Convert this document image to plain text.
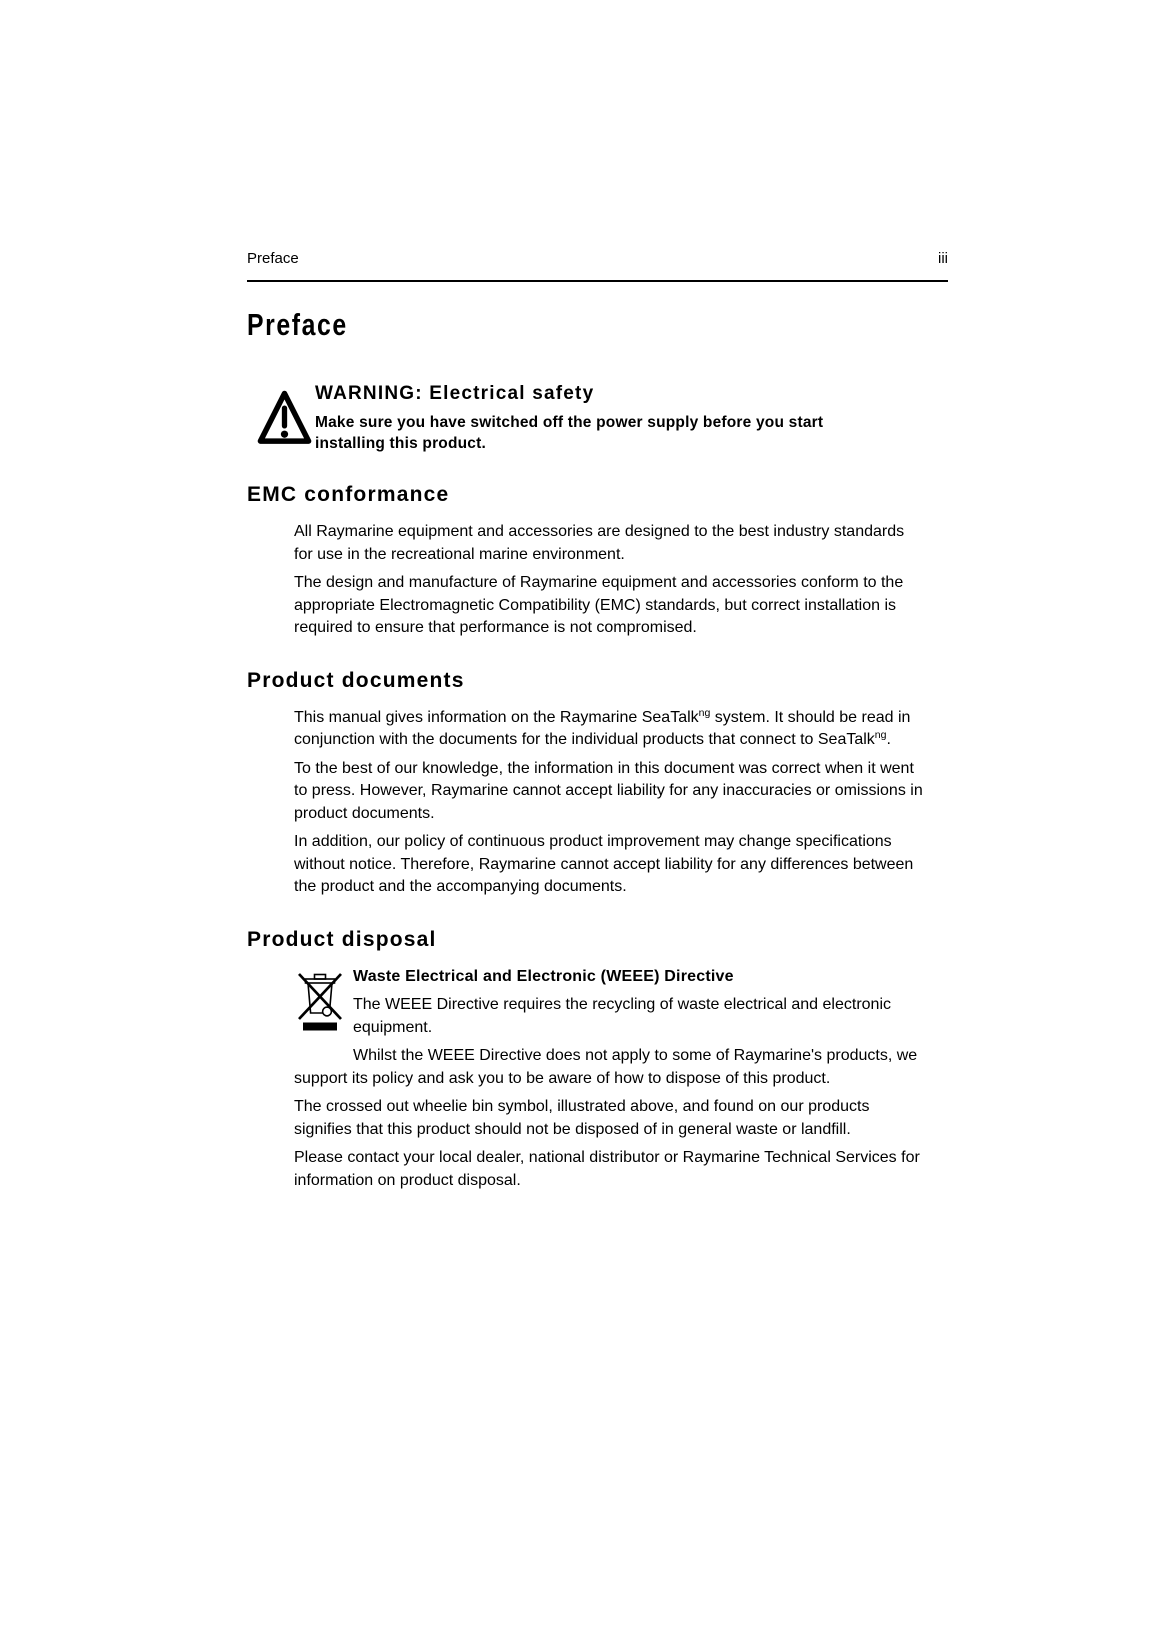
Preface	iii
Preface

WARNING: Electrical safety

Make sure you have switched off the power supply before you start installing this product.

EMC conformance

All Raymarine equipment and accessories are designed to the best industry standards for use in the recreational marine environment.

The design and manufacture of Raymarine equipment and accessories conform to the appropriate Electromagnetic Compatibility (EMC) standards, but correct installation is required to ensure that performance is not compromised.

Product documents

This manual gives information on the Raymarine SeaTalk$^{ng}$ system. It should be read in conjunction with the documents for the individual products that connect to SeaTalk$^{ng}$.

To the best of our knowledge, the information in this document was correct when it went to press. However, Raymarine cannot accept liability for any inaccuracies or omissions in product documents.

In addition, our policy of continuous product improvement may change specifications without notice. Therefore, Raymarine cannot accept liability for any differences between the product and the accompanying documents.

Product disposal

Waste Electrical and Electronic (WEEE) Directive

The WEEE Directive requires the recycling of waste electrical and electronic equipment.

Whilst the WEEE Directive does not apply to some of Raymarine's products, we support its policy and ask you to be aware of how to dispose of this product.

The crossed out wheelie bin symbol, illustrated above, and found on our products signifies that this product should not be disposed of in general waste or landfill.

Please contact your local dealer, national distributor or Raymarine Technical Services for information on product disposal.
